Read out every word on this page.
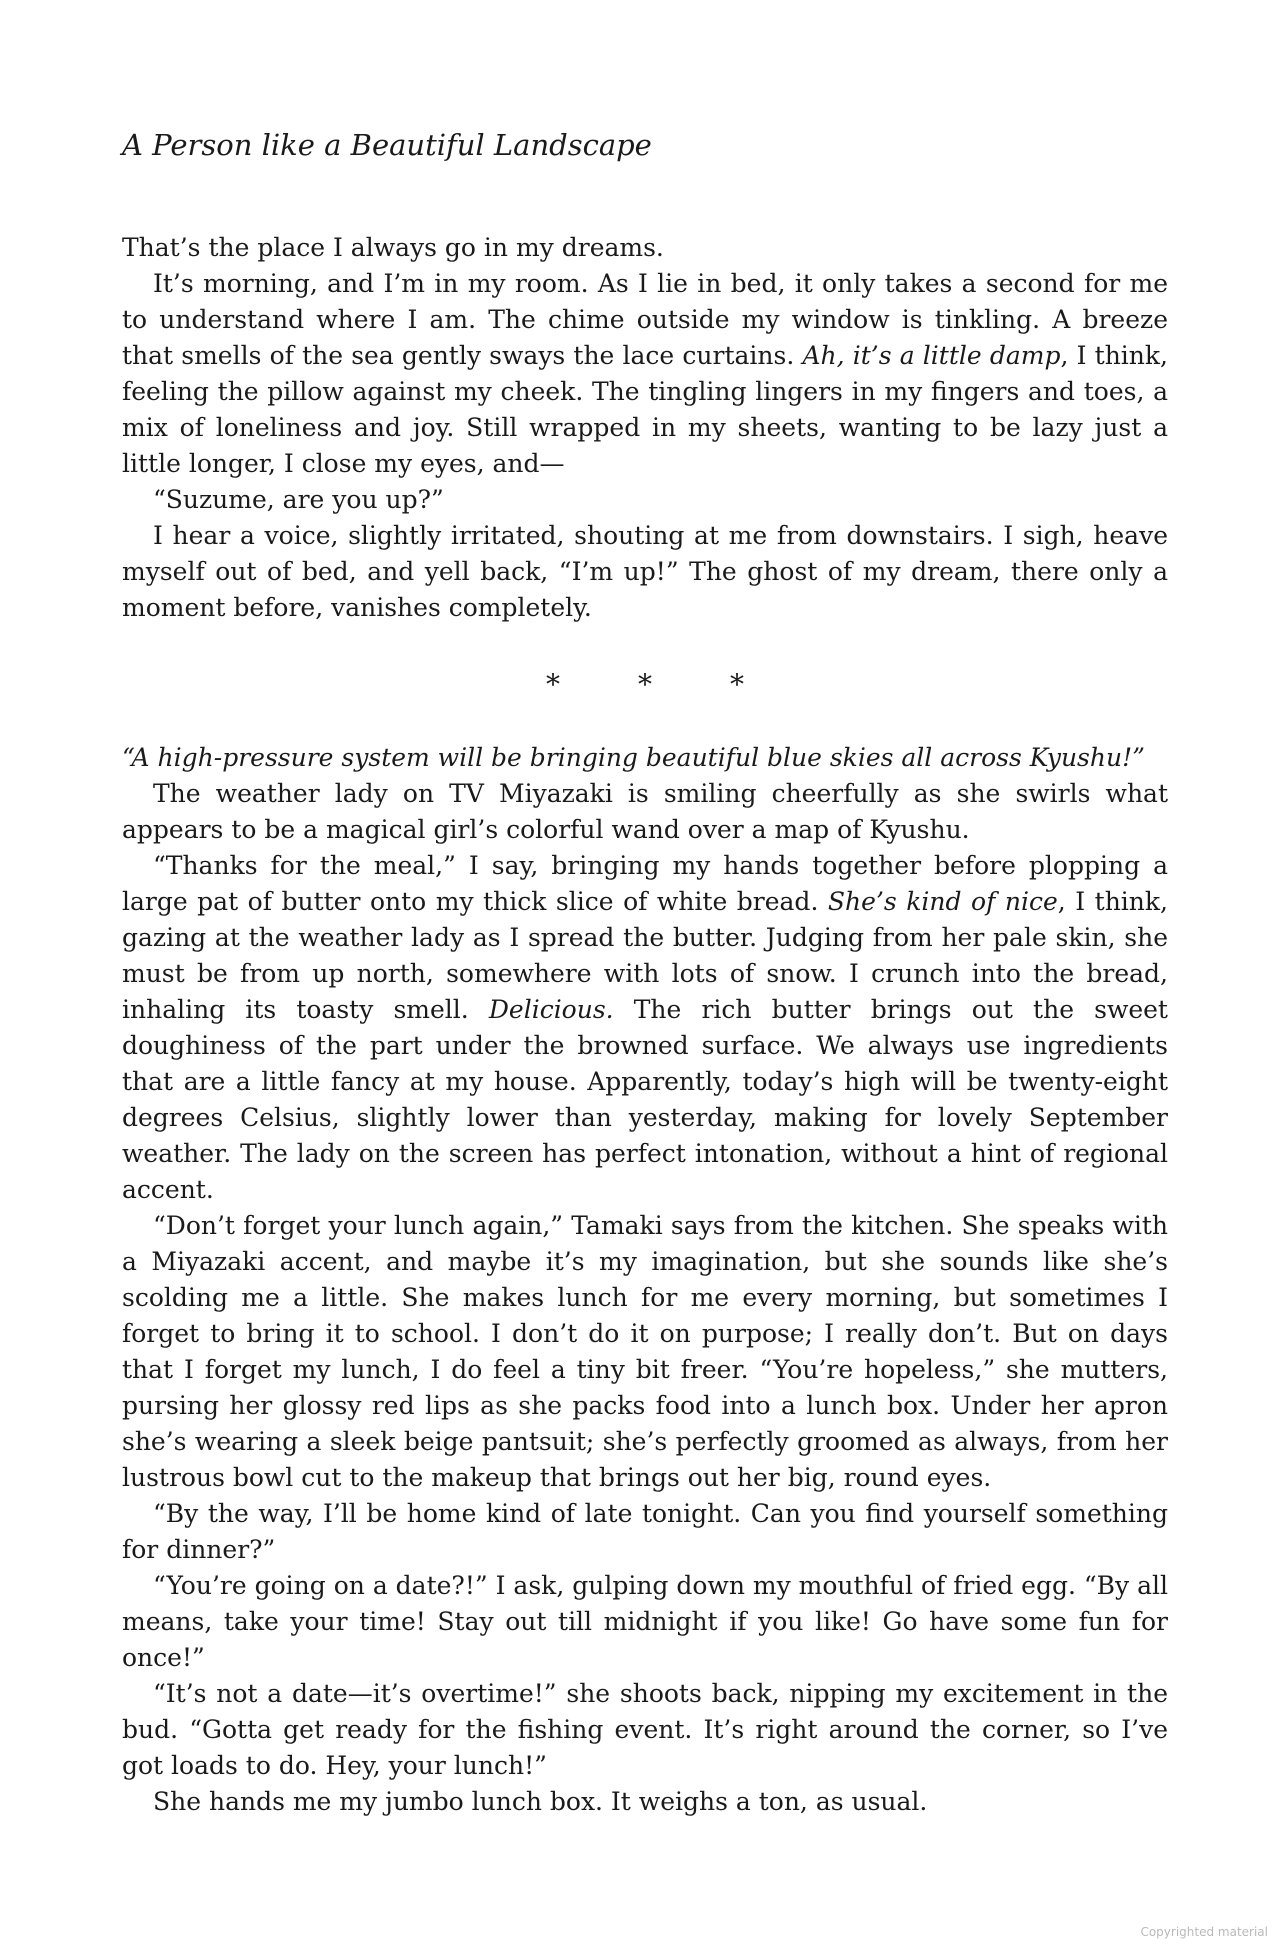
A Person like a Beautiful Landscape

That’s the place I always go in my dreams.

It’s morning, and I’m in my room. As I lie in bed, it only takes a second for me to understand where I am. The chime outside my window is tinkling. A breeze that smells of the sea gently sways the lace curtains. Ah, it’s a little damp, I think, feeling the pillow against my cheek. The tingling lingers in my fingers and toes, a mix of loneliness and joy. Still wrapped in my sheets, wanting to be lazy just a little longer, I close my eyes, and—

“Suzume, are you up?”

I hear a voice, slightly irritated, shouting at me from downstairs. I sigh, heave myself out of bed, and yell back, “I’m up!” The ghost of my dream, there only a moment before, vanishes completely.

*	*	*

“A high-pressure system will be bringing beautiful blue skies all across Kyushu!”

The weather lady on TV Miyazaki is smiling cheerfully as she swirls what appears to be a magical girl’s colorful wand over a map of Kyushu.

“Thanks for the meal,” I say, bringing my hands together before plopping a large pat of butter onto my thick slice of white bread. She’s kind of nice, I think, gazing at the weather lady as I spread the butter. Judging from her pale skin, she must be from up north, somewhere with lots of snow. I crunch into the bread, inhaling its toasty smell. Delicious. The rich butter brings out the sweet doughiness of the part under the browned surface. We always use ingredients that are a little fancy at my house. Apparently, today’s high will be twenty-eight degrees Celsius, slightly lower than yesterday, making for lovely September weather. The lady on the screen has perfect intonation, without a hint of regional accent.

“Don’t forget your lunch again,” Tamaki says from the kitchen. She speaks with a Miyazaki accent, and maybe it’s my imagination, but she sounds like she’s scolding me a little. She makes lunch for me every morning, but sometimes I forget to bring it to school. I don’t do it on purpose; I really don’t. But on days that I forget my lunch, I do feel a tiny bit freer. “You’re hopeless,” she mutters, pursing her glossy red lips as she packs food into a lunch box. Under her apron she’s wearing a sleek beige pantsuit; she’s perfectly groomed as always, from her lustrous bowl cut to the makeup that brings out her big, round eyes.

“By the way, I’ll be home kind of late tonight. Can you find yourself something for dinner?”

“You’re going on a date?!” I ask, gulping down my mouthful of fried egg. “By all means, take your time! Stay out till midnight if you like! Go have some fun for once!”

“It’s not a date—it’s overtime!” she shoots back, nipping my excitement in the bud. “Gotta get ready for the fishing event. It’s right around the corner, so I’ve got loads to do. Hey, your lunch!”

She hands me my jumbo lunch box. It weighs a ton, as usual.

Copyrighted material
